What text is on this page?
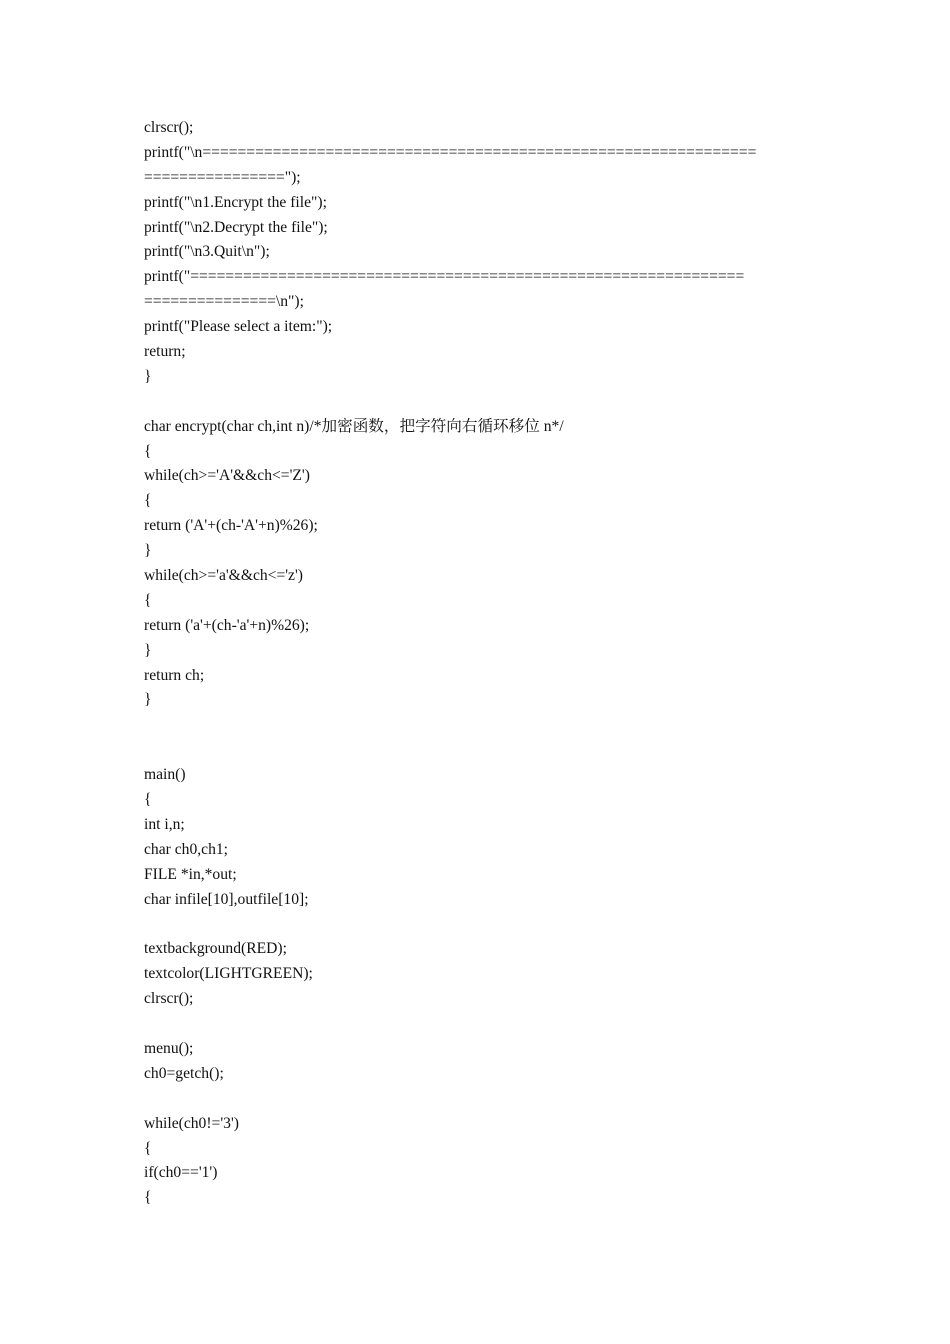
clrscr();
printf("\n===============================================================
================");
printf("\n1.Encrypt the file");
printf("\n2.Decrypt the file");
printf("\n3.Quit\n");
printf("===============================================================
===============\n");
printf("Please select a item:");
return;
}
char encrypt(char ch,int n)/*加密函数，把字符向右循环移位 n*/
{
while(ch>='A'&&ch<='Z')
{
return ('A'+(ch-'A'+n)%26);
}
while(ch>='a'&&ch<='z')
{
return ('a'+(ch-'a'+n)%26);
}
return ch;
}
main()
{
int i,n;
char ch0,ch1;
FILE *in,*out;
char infile[10],outfile[10];
textbackground(RED);
textcolor(LIGHTGREEN);
clrscr();
menu();
ch0=getch();
while(ch0!='3')
{
if(ch0=='1')
{
